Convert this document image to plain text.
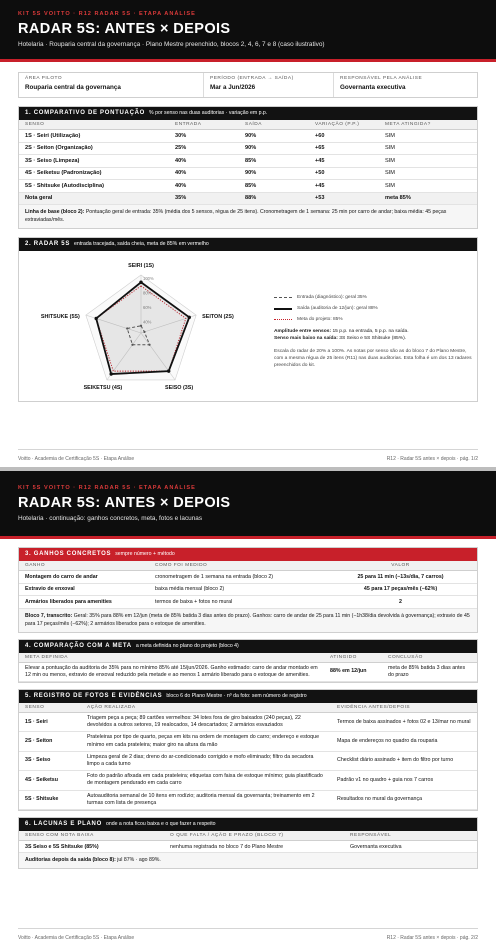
KIT 5S VOITTO · R12 RADAR 5S · ETAPA ANÁLISE
RADAR 5S: ANTES × DEPOIS
Hotelaria · Rouparia central da governança · Plano Mestre preenchido, blocos 2, 4, 6, 7 e 8 (caso ilustrativo)
ÁREA PILOTO
Rouparia central da governança
PERÍODO (ENTRADA → SAÍDA)
Mar a Jun/2026
RESPONSÁVEL PELA ANÁLISE
Governanta executiva
1. COMPARATIVO DE PONTUAÇÃO % por senso nas duas auditorias · variação em p.p.
SENSO	ENTRADA	SAÍDA	VARIAÇÃO (P.P.)	META ATINGIDA?
1S · Seiri (Utilização)	30%	90%	+60	SIM
2S · Seiton (Organização)	25%	90%	+65	SIM
3S · Seiso (Limpeza)	40%	85%	+45	SIM
4S · Seiketsu (Padronização)	40%	90%	+50	SIM
5S · Shitsuke (Autodisciplina)	40%	85%	+45	SIM
Nota geral	35%	88%	+53	meta 85%
Linha de base (bloco 2): Pontuação geral de entrada: 35% (média dos 5 sensos, régua de 25 itens). Cronometragem de 1 semana: 25 min por carro de andar; baixa média: 45 peças extraviadas/mês.
2. RADAR 5S entrada tracejada, saída cheia, meta de 85% em vermelho
100%
SEIRI (1S)
SEITON (2S)
SEISO (3S)
SEIKETSU (4S)
SHITSUKE (5S)
Entrada (diagnóstico): geral 35%
Saída (auditoria de 12/jun): geral 88%
Meta do projeto: 85%
Amplitude entre sensos: 15 p.p. na entrada, 5 p.p. na saída.
Senso mais baixo na saída: 3S Seiso e 5S Shitsuke (85%).
Escala do radar de 20% a 100%. As notas por senso são as do bloco 7 do Plano Mestre, com a mesma régua de 25 itens (R11) nas duas auditorias. Esta folha é um dos 13 radares preenchidos do kit.
Voitto · Academia de Certificação 5S · Etapa Análise	R12 · Radar 5S antes × depois · pág. 1/2
KIT 5S VOITTO · R12 RADAR 5S · ETAPA ANÁLISE
RADAR 5S: ANTES × DEPOIS
Hotelaria · continuação: ganhos concretos, meta, fotos e lacunas
3. GANHOS CONCRETOS sempre número + método
GANHO	COMO FOI MEDIDO	VALOR
Montagem do carro de andar	cronometragem de 1 semana na entrada (bloco 2)	25 para 11 min (−13s/dia, 7 carros)
Extravio de enxoval	baixa média mensal (bloco 2)	45 para 17 peças/mês (−62%)
Armários liberados para amenities	termos de baixa + fotos no mural	2
Bloco 7, transcrito: Geral: 35% para 88% em 12/jun (meta de 85% batida 3 dias antes do prazo). Ganhos: carro de andar de 25 para 11 min (−1h38/dia devolvida à governança); extravio de 45 para 17 peças/mês (−62%); 2 armários liberados para o estoque de amenities.
4. COMPARAÇÃO COM A META a meta definida no plano do projeto (bloco 4)
META DEFINIDA	ATINGIDO	CONCLUSÃO
Elevar a pontuação da auditoria de 35% para no mínimo 85% até 15/jun/2026. Ganho estimado: carro de andar montado em 12 min ou menos, extravio de enxoval reduzido pela metade e ao menos 1 armário liberado para o estoque de amenities.	88% em 12/jun	meta de 85% batida 3 dias antes do prazo
5. REGISTRO DE FOTOS E EVIDÊNCIAS bloco 6 do Plano Mestre · nº da foto: sem número de registro
SENSO	AÇÃO REALIZADA	EVIDÊNCIA ANTES/DEPOIS
1S · Seiri	Triagem peça a peça; 89 cartões vermelhos: 34 lotes fora de giro baixados (240 peças), 22 devolvidos a outros setores, 19 realocados, 14 descartados; 2 armários esvaziados	Termos de baixa assinados + fotos 02 e 13/mar no mural
2S · Seiton	Prateleiras por tipo de quarto, peças em kits na ordem de montagem do carro; endereço e estoque mínimo em cada prateleira; maior giro na altura da mão	Mapa de endereços no quadro da rouparia
3S · Seiso	Limpeza geral de 2 dias; dreno do ar-condicionado corrigido e mofo eliminado; filtro da secadora limpo a cada turno	Checklist diário assinado + item do filtro por turno
4S · Seiketsu	Foto do padrão afixada em cada prateleira; etiquetas com faixa de estoque mínimo; guia plastificado de montagem pendurado em cada carro	Padrão v1 no quadro + guia nos 7 carros
5S · Shitsuke	Autoauditoria semanal de 10 itens em rodízio; auditoria mensal da governanta; treinamento em 2 turmas com lista de presença	Resultados no mural da governança
6. LACUNAS E PLANO onde a nota ficou baixa e o que fazer a respeito
SENSO COM NOTA BAIXA	O QUE FALTA / AÇÃO E PRAZO (BLOCO 7)	RESPONSÁVEL
3S Seiso e 5S Shitsuke (85%)	nenhuma registrada no bloco 7 do Plano Mestre	Governanta executiva
Auditorias depois da saída (bloco 8): jul 87% · ago 89%.
Voitto · Academia de Certificação 5S · Etapa Análise	R12 · Radar 5S antes × depois · pág. 2/2
